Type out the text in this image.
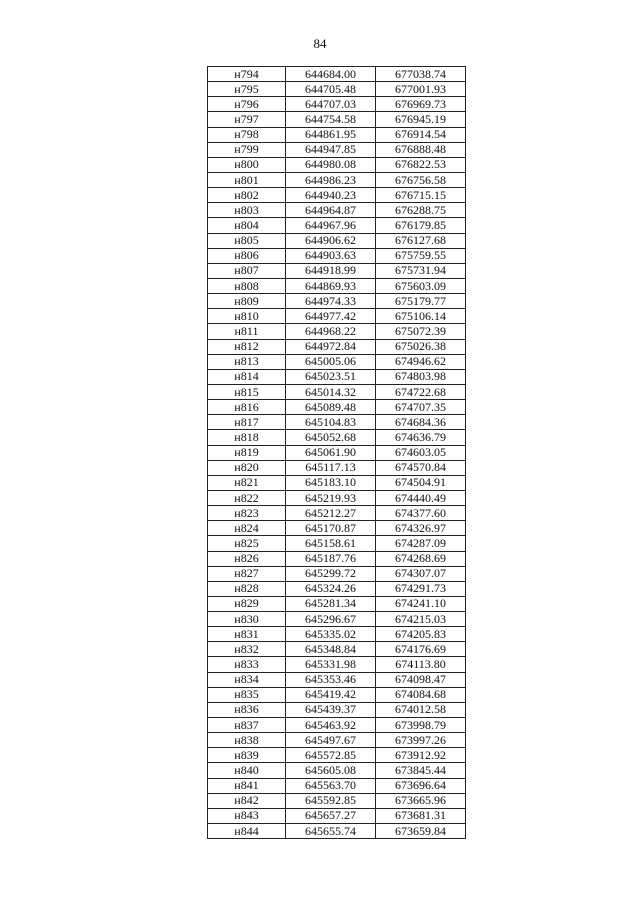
84
н794	644684.00	677038.74
н795	644705.48	677001.93
н796	644707.03	676969.73
н797	644754.58	676945.19
н798	644861.95	676914.54
н799	644947.85	676888.48
н800	644980.08	676822.53
н801	644986.23	676756.58
н802	644940.23	676715.15
н803	644964.87	676288.75
н804	644967.96	676179.85
н805	644906.62	676127.68
н806	644903.63	675759.55
н807	644918.99	675731.94
н808	644869.93	675603.09
н809	644974.33	675179.77
н810	644977.42	675106.14
н811	644968.22	675072.39
н812	644972.84	675026.38
н813	645005.06	674946.62
н814	645023.51	674803.98
н815	645014.32	674722.68
н816	645089.48	674707.35
н817	645104.83	674684.36
н818	645052.68	674636.79
н819	645061.90	674603.05
н820	645117.13	674570.84
н821	645183.10	674504.91
н822	645219.93	674440.49
н823	645212.27	674377.60
н824	645170.87	674326.97
н825	645158.61	674287.09
н826	645187.76	674268.69
н827	645299.72	674307.07
н828	645324.26	674291.73
н829	645281.34	674241.10
н830	645296.67	674215.03
н831	645335.02	674205.83
н832	645348.84	674176.69
н833	645331.98	674113.80
н834	645353.46	674098.47
н835	645419.42	674084.68
н836	645439.37	674012.58
н837	645463.92	673998.79
н838	645497.67	673997.26
н839	645572.85	673912.92
н840	645605.08	673845.44
н841	645563.70	673696.64
н842	645592.85	673665.96
н843	645657.27	673681.31
н844	645655.74	673659.84
